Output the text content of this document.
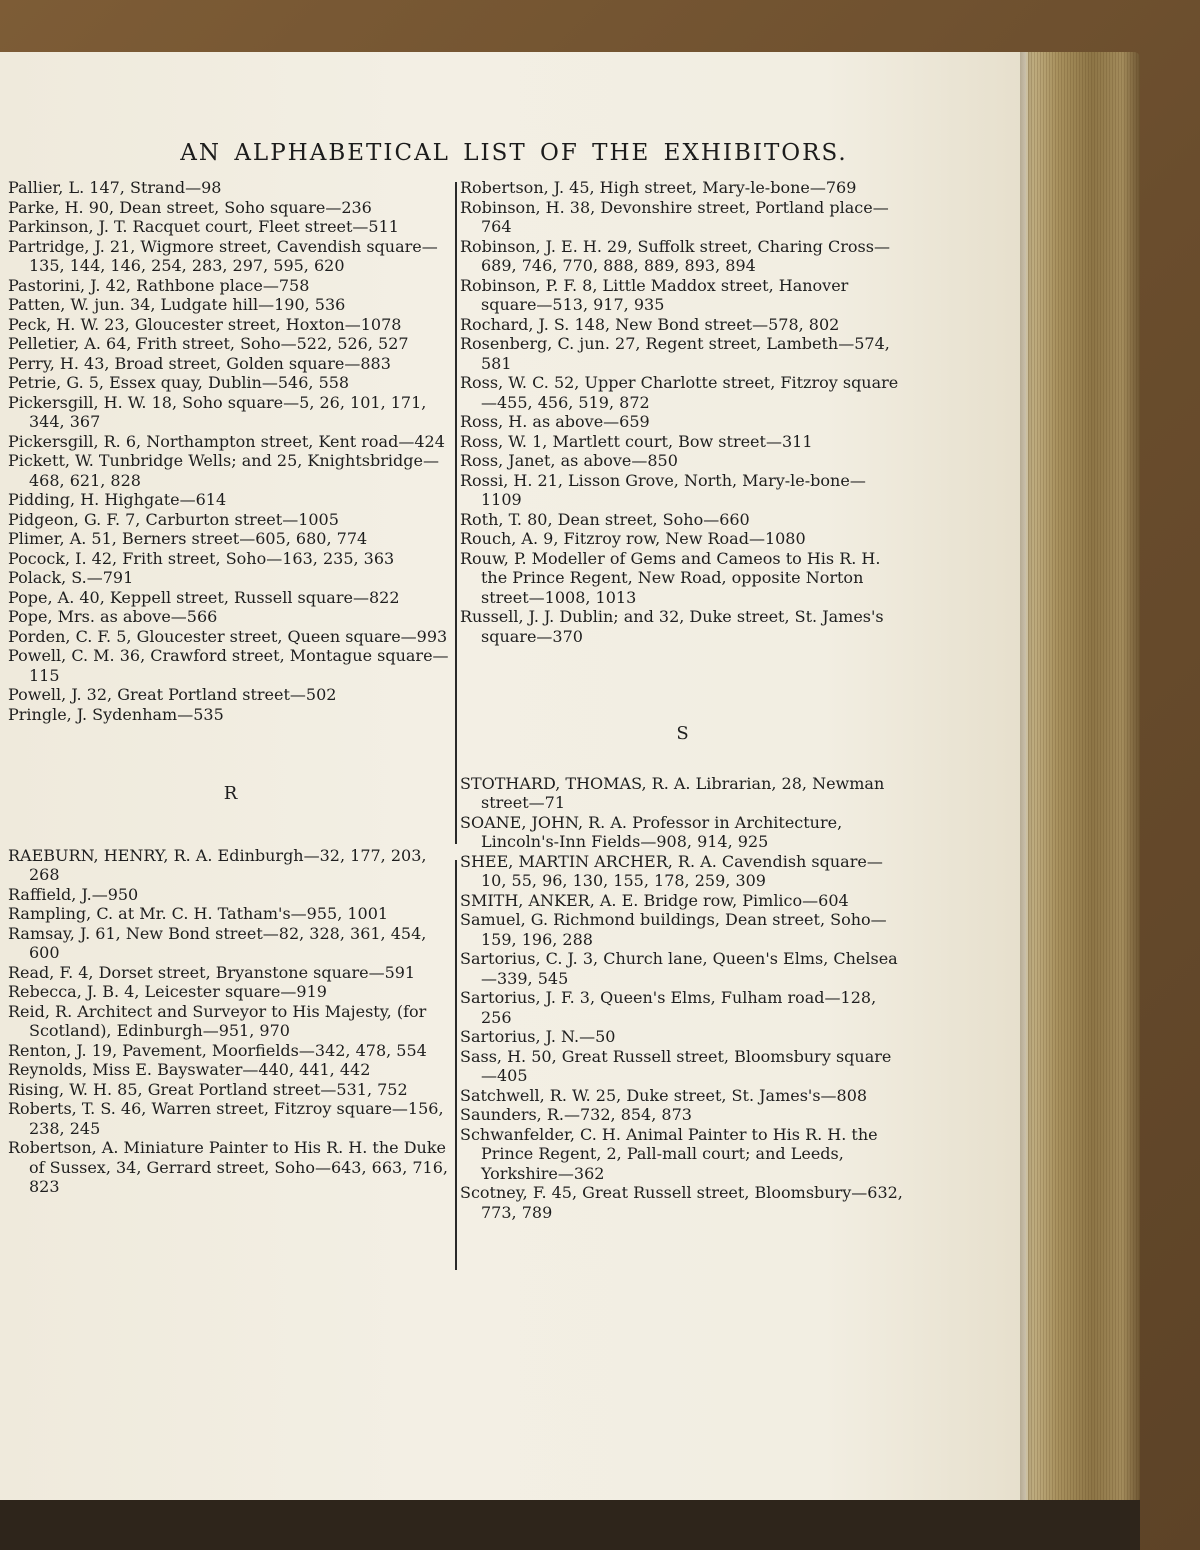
AN ALPHABETICAL LIST OF THE EXHIBITORS.

Pallier, L. 147, Strand—98

Parke, H. 90, Dean street, Soho square—236

Parkinson, J. T. Racquet court, Fleet street—511

Partridge, J. 21, Wigmore street, Cavendish square—135, 144, 146, 254, 283, 297, 595, 620

Pastorini, J. 42, Rathbone place—758

Patten, W. jun. 34, Ludgate hill—190, 536

Peck, H. W. 23, Gloucester street, Hoxton—1078

Pelletier, A. 64, Frith street, Soho—522, 526, 527

Perry, H. 43, Broad street, Golden square—883

Petrie, G. 5, Essex quay, Dublin—546, 558

Pickersgill, H. W. 18, Soho square—5, 26, 101, 171, 344, 367

Pickersgill, R. 6, Northampton street, Kent road—424

Pickett, W. Tunbridge Wells; and 25, Knightsbridge—468, 621, 828

Pidding, H. Highgate—614

Pidgeon, G. F. 7, Carburton street—1005

Plimer, A. 51, Berners street—605, 680, 774

Pocock, I. 42, Frith street, Soho—163, 235, 363

Polack, S.—791

Pope, A. 40, Keppell street, Russell square—822

Pope, Mrs. as above—566

Porden, C. F. 5, Gloucester street, Queen square—993

Powell, C. M. 36, Crawford street, Montague square—115

Powell, J. 32, Great Portland street—502

Pringle, J. Sydenham—535

R

RAEBURN, HENRY, R. A. Edinburgh—32, 177, 203, 268

Raffield, J.—950

Rampling, C. at Mr. C. H. Tatham's—955, 1001

Ramsay, J. 61, New Bond street—82, 328, 361, 454, 600

Read, F. 4, Dorset street, Bryanstone square—591

Rebecca, J. B. 4, Leicester square—919

Reid, R. Architect and Surveyor to His Majesty, (for Scotland), Edinburgh—951, 970

Renton, J. 19, Pavement, Moorfields—342, 478, 554

Reynolds, Miss E. Bayswater—440, 441, 442

Rising, W. H. 85, Great Portland street—531, 752

Roberts, T. S. 46, Warren street, Fitzroy square—156, 238, 245

Robertson, A. Miniature Painter to His R. H. the Duke of Sussex, 34, Gerrard street, Soho—643, 663, 716, 823

Robertson, J. 45, High street, Mary-le-bone—769

Robinson, H. 38, Devonshire street, Portland place—764

Robinson, J. E. H. 29, Suffolk street, Charing Cross—689, 746, 770, 888, 889, 893, 894

Robinson, P. F. 8, Little Maddox street, Hanover square—513, 917, 935

Rochard, J. S. 148, New Bond street—578, 802

Rosenberg, C. jun. 27, Regent street, Lambeth—574, 581

Ross, W. C. 52, Upper Charlotte street, Fitzroy square—455, 456, 519, 872

Ross, H. as above—659

Ross, W. 1, Martlett court, Bow street—311

Ross, Janet, as above—850

Rossi, H. 21, Lisson Grove, North, Mary-le-bone—1109

Roth, T. 80, Dean street, Soho—660

Rouch, A. 9, Fitzroy row, New Road—1080

Rouw, P. Modeller of Gems and Cameos to His R. H. the Prince Regent, New Road, opposite Norton street—1008, 1013

Russell, J. J. Dublin; and 32, Duke street, St. James's square—370

S

STOTHARD, THOMAS, R. A. Librarian, 28, Newman street—71

SOANE, JOHN, R. A. Professor in Architecture, Lincoln's-Inn Fields—908, 914, 925

SHEE, MARTIN ARCHER, R. A. Cavendish square—10, 55, 96, 130, 155, 178, 259, 309

SMITH, ANKER, A. E. Bridge row, Pimlico—604

Samuel, G. Richmond buildings, Dean street, Soho—159, 196, 288

Sartorius, C. J. 3, Church lane, Queen's Elms, Chelsea—339, 545

Sartorius, J. F. 3, Queen's Elms, Fulham road—128, 256

Sartorius, J. N.—50

Sass, H. 50, Great Russell street, Bloomsbury square—405

Satchwell, R. W. 25, Duke street, St. James's—808

Saunders, R.—732, 854, 873

Schwanfelder, C. H. Animal Painter to His R. H. the Prince Regent, 2, Pall-mall court; and Leeds, Yorkshire—362

Scotney, F. 45, Great Russell street, Bloomsbury—632, 773, 789
